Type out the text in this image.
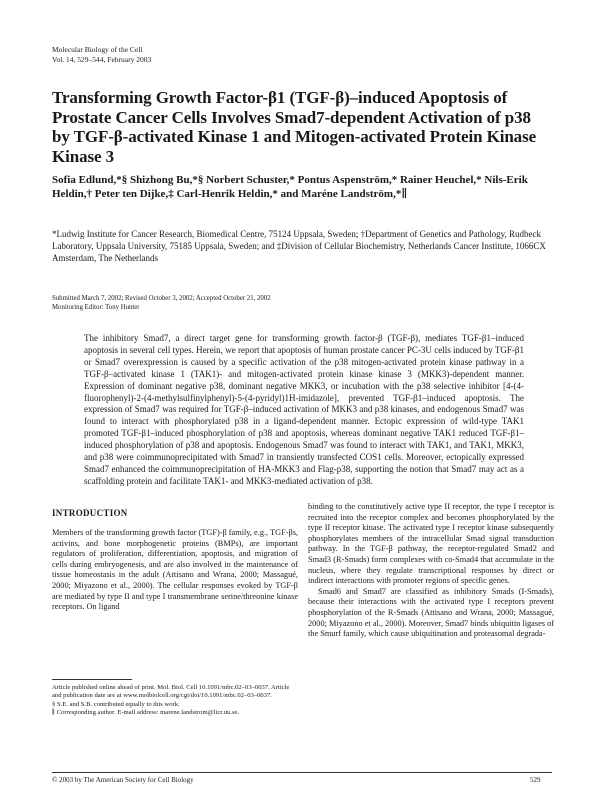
Molecular Biology of the Cell
Vol. 14, 529–544, February 2003
Transforming Growth Factor-β1 (TGF-β)–induced Apoptosis of Prostate Cancer Cells Involves Smad7-dependent Activation of p38 by TGF-β-activated Kinase 1 and Mitogen-activated Protein Kinase Kinase 3
Sofia Edlund,*§ Shizhong Bu,*§ Norbert Schuster,* Pontus Aspenström,* Rainer Heuchel,* Nils-Erik Heldin,† Peter ten Dijke,‡ Carl-Henrik Heldin,* and Maréne Landström,*∥
*Ludwig Institute for Cancer Research, Biomedical Centre, 75124 Uppsala, Sweden; †Department of Genetics and Pathology, Rudbeck Laboratory, Uppsala University, 75185 Uppsala, Sweden; and ‡Division of Cellular Biochemistry, Netherlands Cancer Institute, 1066CX Amsterdam, The Netherlands
Submitted March 7, 2002; Revised October 3, 2002; Accepted October 21, 2002
Monitoring Editor: Tony Hunter
The inhibitory Smad7, a direct target gene for transforming growth factor-β (TGF-β), mediates TGF-β1–induced apoptosis in several cell types. Herein, we report that apoptosis of human prostate cancer PC-3U cells induced by TGF-β1 or Smad7 overexpression is caused by a specific activation of the p38 mitogen-activated protein kinase pathway in a TGF-β–activated kinase 1 (TAK1)- and mitogen-activated protein kinase kinase 3 (MKK3)-dependent manner. Expression of dominant negative p38, dominant negative MKK3, or incubation with the p38 selective inhibitor [4-(4-fluorophenyl)-2-(4-methylsulfinylphenyl)-5-(4-pyridyl)1H-imidazole], prevented TGF-β1–induced apoptosis. The expression of Smad7 was required for TGF-β–induced activation of MKK3 and p38 kinases, and endogenous Smad7 was found to interact with phosphorylated p38 in a ligand-dependent manner. Ectopic expression of wild-type TAK1 promoted TGF-β1–induced phosphorylation of p38 and apoptosis, whereas dominant negative TAK1 reduced TGF-β1–induced phosphorylation of p38 and apoptosis. Endogenous Smad7 was found to interact with TAK1, and TAK1, MKK3, and p38 were coimmunoprecipitated with Smad7 in transiently transfected COS1 cells. Moreover, ectopically expressed Smad7 enhanced the coimmunoprecipitation of HA-MKK3 and Flag-p38, supporting the notion that Smad7 may act as a scaffolding protein and facilitate TAK1- and MKK3-mediated activation of p38.
INTRODUCTION

Members of the transforming growth factor (TGF)-β family, e.g., TGF-βs, activins, and bone morphogenetic proteins (BMPs), are important regulators of proliferation, differentiation, apoptosis, and migration of cells during embryogenesis, and are also involved in the maintenance of tissue homeostasis in the adult (Attisano and Wrana, 2000; Massagué, 2000; Miyazono et al., 2000). The cellular responses evoked by TGF-β are mediated by type II and type I transmembrane serine/threonine kinase receptors. On ligand

binding to the constitutively active type II receptor, the type I receptor is recruited into the receptor complex and becomes phosphorylated by the type II receptor kinase. The activated type I receptor kinase subsequently phosphorylates members of the intracellular Smad signal transduction pathway. In the TGF-β pathway, the receptor-regulated Smad2 and Smad3 (R-Smads) form complexes with co-Smad4 that accumulate in the nucleus, where they regulate transcriptional responses by direct or indirect interactions with promoter regions of specific genes.

Smad6 and Smad7 are classified as inhibitory Smads (I-Smads), because their interactions with the activated type I receptors prevent phosphorylation of the R-Smads (Attisano and Wrana, 2000; Massagué, 2000; Miyazono et al., 2000). Moreover, Smad7 binds ubiquitin ligases of the Smurf family, which cause ubiquitination and proteasomal degrada-

Article published online ahead of print. Mol. Biol. Cell 10.1091/mbc.02–03–0037. Article and publication date are at www.molbiolcell.org/cgi/doi/10.1091/mbc.02–03–0037.
§ S.E. and S.B. contributed equally to this work.
∥ Corresponding author. E-mail address: marene.landstrom@licr.uu.se.
© 2003 by The American Society for Cell Biology	529
